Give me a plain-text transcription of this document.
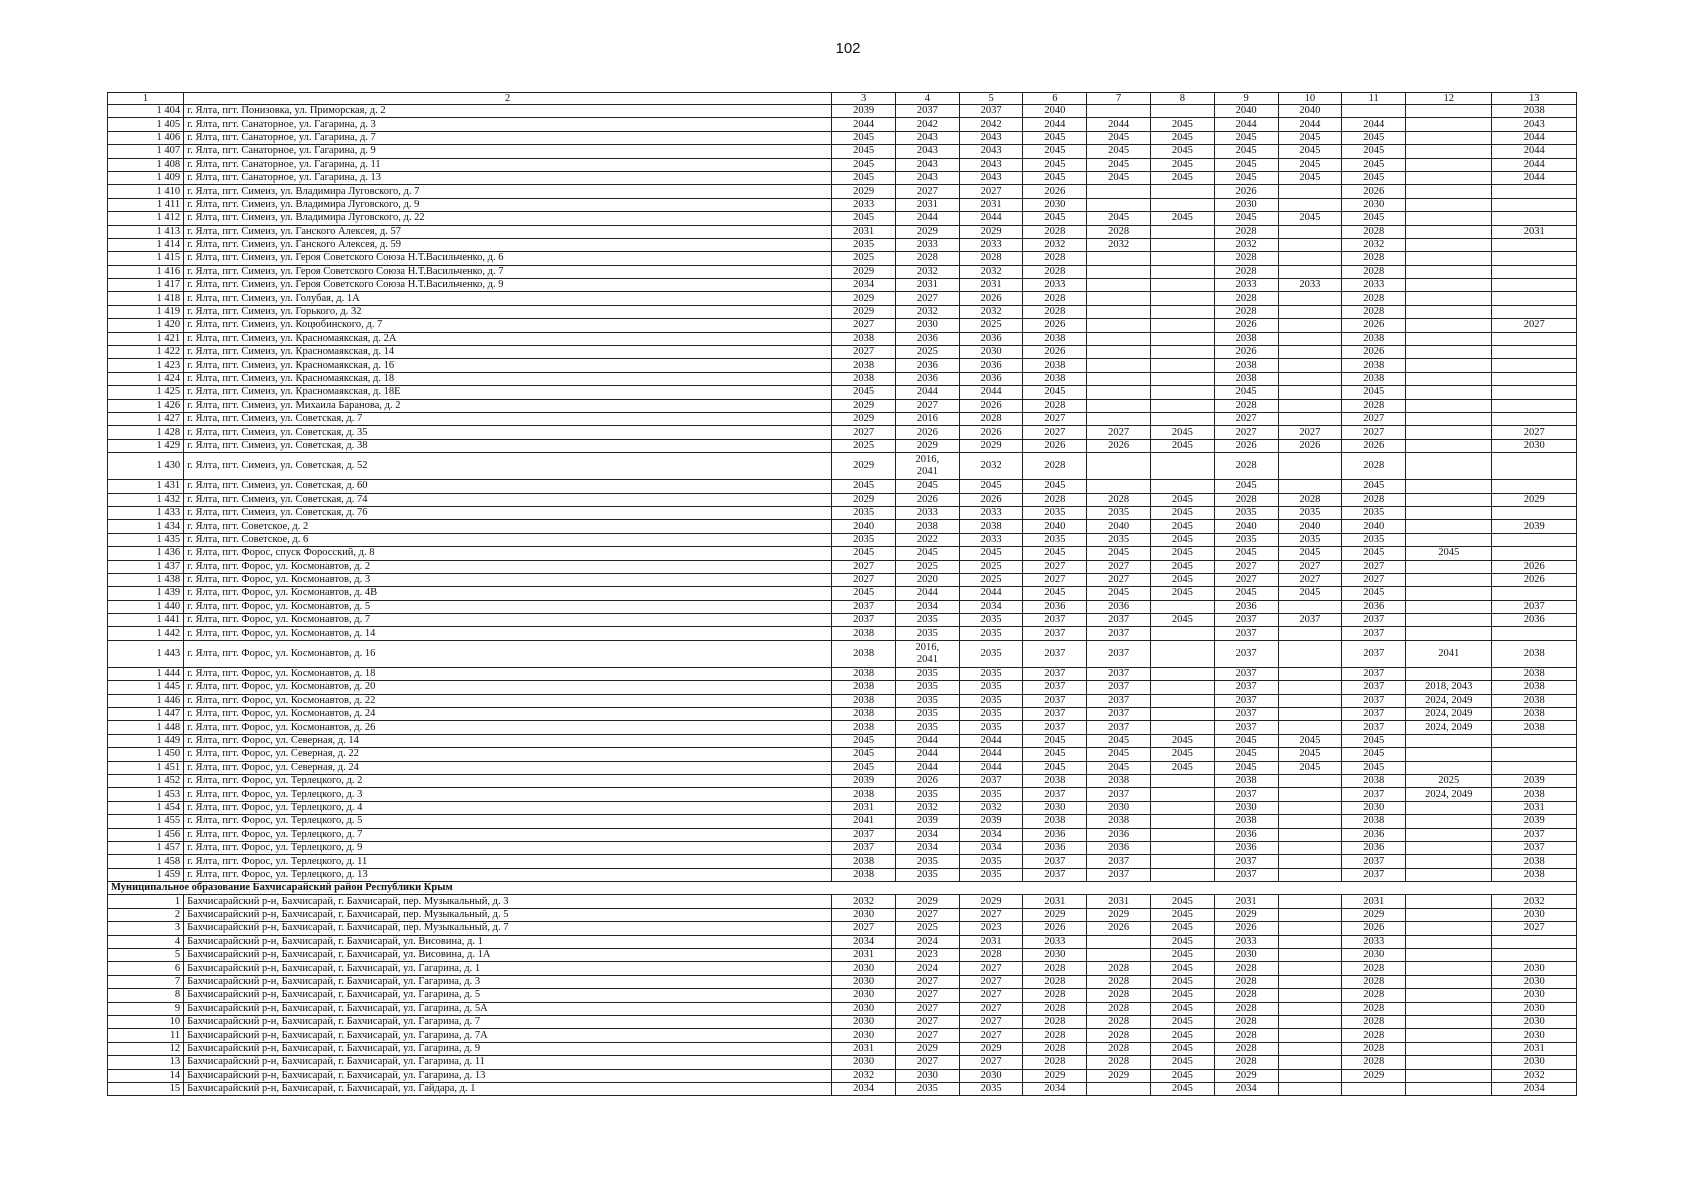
102
1	2	3	4	5	6	7	8	9	10	11	12	13
1 404	г. Ялта, пгт. Понизовка, ул. Приморская, д. 2	2039	2037	2037	2040			2040	2040			2038
1 405	г. Ялта, пгт. Санаторное, ул. Гагарина, д. 3	2044	2042	2042	2044	2044	2045	2044	2044	2044		2043
1 406	г. Ялта, пгт. Санаторное, ул. Гагарина, д. 7	2045	2043	2043	2045	2045	2045	2045	2045	2045		2044
1 407	г. Ялта, пгт. Санаторное, ул. Гагарина, д. 9	2045	2043	2043	2045	2045	2045	2045	2045	2045		2044
1 408	г. Ялта, пгт. Санаторное, ул. Гагарина, д. 11	2045	2043	2043	2045	2045	2045	2045	2045	2045		2044
1 409	г. Ялта, пгт. Санаторное, ул. Гагарина, д. 13	2045	2043	2043	2045	2045	2045	2045	2045	2045		2044
1 410	г. Ялта, пгт. Симеиз, ул. Владимира Луговского, д. 7	2029	2027	2027	2026			2026		2026		
1 411	г. Ялта, пгт. Симеиз, ул. Владимира Луговского, д. 9	2033	2031	2031	2030			2030		2030		
1 412	г. Ялта, пгт. Симеиз, ул. Владимира Луговского, д. 22	2045	2044	2044	2045	2045	2045	2045	2045	2045		
1 413	г. Ялта, пгт. Симеиз, ул. Ганского Алексея, д. 57	2031	2029	2029	2028	2028		2028		2028		2031
1 414	г. Ялта, пгт. Симеиз, ул. Ганского Алексея, д. 59	2035	2033	2033	2032	2032		2032		2032		
1 415	г. Ялта, пгт. Симеиз, ул. Героя Советского Союза Н.Т.Васильченко, д. 6	2025	2028	2028	2028			2028		2028		
1 416	г. Ялта, пгт. Симеиз, ул. Героя Советского Союза Н.Т.Васильченко, д. 7	2029	2032	2032	2028			2028		2028		
1 417	г. Ялта, пгт. Симеиз, ул. Героя Советского Союза Н.Т.Васильченко, д. 9	2034	2031	2031	2033			2033	2033	2033		
1 418	г. Ялта, пгт. Симеиз, ул. Голубая, д. 1А	2029	2027	2026	2028			2028		2028		
1 419	г. Ялта, пгт. Симеиз, ул. Горького, д. 32	2029	2032	2032	2028			2028		2028		
1 420	г. Ялта, пгт. Симеиз, ул. Коцюбинского, д. 7	2027	2030	2025	2026			2026		2026		2027
1 421	г. Ялта, пгт. Симеиз, ул. Красномаякская, д. 2А	2038	2036	2036	2038			2038		2038		
1 422	г. Ялта, пгт. Симеиз, ул. Красномаякская, д. 14	2027	2025	2030	2026			2026		2026		
1 423	г. Ялта, пгт. Симеиз, ул. Красномаякская, д. 16	2038	2036	2036	2038			2038		2038		
1 424	г. Ялта, пгт. Симеиз, ул. Красномаякская, д. 18	2038	2036	2036	2038			2038		2038		
1 425	г. Ялта, пгт. Симеиз, ул. Красномаякская, д. 18Е	2045	2044	2044	2045			2045		2045		
1 426	г. Ялта, пгт. Симеиз, ул. Михаила Баранова, д. 2	2029	2027	2026	2028			2028		2028		
1 427	г. Ялта, пгт. Симеиз, ул. Советская, д. 7	2029	2016	2028	2027			2027		2027		
1 428	г. Ялта, пгт. Симеиз, ул. Советская, д. 35	2027	2026	2026	2027	2027	2045	2027	2027	2027		2027
1 429	г. Ялта, пгт. Симеиз, ул. Советская, д. 38	2025	2029	2029	2026	2026	2045	2026	2026	2026		2030
1 430	г. Ялта, пгт. Симеиз, ул. Советская, д. 52	2029	2016,
2041	2032	2028			2028		2028		
1 431	г. Ялта, пгт. Симеиз, ул. Советская, д. 60	2045	2045	2045	2045			2045		2045		
1 432	г. Ялта, пгт. Симеиз, ул. Советская, д. 74	2029	2026	2026	2028	2028	2045	2028	2028	2028		2029
1 433	г. Ялта, пгт. Симеиз, ул. Советская, д. 76	2035	2033	2033	2035	2035	2045	2035	2035	2035		
1 434	г. Ялта, пгт. Советское, д. 2	2040	2038	2038	2040	2040	2045	2040	2040	2040		2039
1 435	г. Ялта, пгт. Советское, д. 6	2035	2022	2033	2035	2035	2045	2035	2035	2035		
1 436	г. Ялта, пгт. Форос, спуск Форосский, д. 8	2045	2045	2045	2045	2045	2045	2045	2045	2045	2045	
1 437	г. Ялта, пгт. Форос, ул. Космонавтов, д. 2	2027	2025	2025	2027	2027	2045	2027	2027	2027		2026
1 438	г. Ялта, пгт. Форос, ул. Космонавтов, д. 3	2027	2020	2025	2027	2027	2045	2027	2027	2027		2026
1 439	г. Ялта, пгт. Форос, ул. Космонавтов, д. 4В	2045	2044	2044	2045	2045	2045	2045	2045	2045		
1 440	г. Ялта, пгт. Форос, ул. Космонавтов, д. 5	2037	2034	2034	2036	2036		2036		2036		2037
1 441	г. Ялта, пгт. Форос, ул. Космонавтов, д. 7	2037	2035	2035	2037	2037	2045	2037	2037	2037		2036
1 442	г. Ялта, пгт. Форос, ул. Космонавтов, д. 14	2038	2035	2035	2037	2037		2037		2037		
1 443	г. Ялта, пгт. Форос, ул. Космонавтов, д. 16	2038	2016,
2041	2035	2037	2037		2037		2037	2041	2038
1 444	г. Ялта, пгт. Форос, ул. Космонавтов, д. 18	2038	2035	2035	2037	2037		2037		2037		2038
1 445	г. Ялта, пгт. Форос, ул. Космонавтов, д. 20	2038	2035	2035	2037	2037		2037		2037	2018, 2043	2038
1 446	г. Ялта, пгт. Форос, ул. Космонавтов, д. 22	2038	2035	2035	2037	2037		2037		2037	2024, 2049	2038
1 447	г. Ялта, пгт. Форос, ул. Космонавтов, д. 24	2038	2035	2035	2037	2037		2037		2037	2024, 2049	2038
1 448	г. Ялта, пгт. Форос, ул. Космонавтов, д. 26	2038	2035	2035	2037	2037		2037		2037	2024, 2049	2038
1 449	г. Ялта, пгт. Форос, ул. Северная, д. 14	2045	2044	2044	2045	2045	2045	2045	2045	2045		
1 450	г. Ялта, пгт. Форос, ул. Северная, д. 22	2045	2044	2044	2045	2045	2045	2045	2045	2045		
1 451	г. Ялта, пгт. Форос, ул. Северная, д. 24	2045	2044	2044	2045	2045	2045	2045	2045	2045		
1 452	г. Ялта, пгт. Форос, ул. Терлецкого, д. 2	2039	2026	2037	2038	2038		2038		2038	2025	2039
1 453	г. Ялта, пгт. Форос, ул. Терлецкого, д. 3	2038	2035	2035	2037	2037		2037		2037	2024, 2049	2038
1 454	г. Ялта, пгт. Форос, ул. Терлецкого, д. 4	2031	2032	2032	2030	2030		2030		2030		2031
1 455	г. Ялта, пгт. Форос, ул. Терлецкого, д. 5	2041	2039	2039	2038	2038		2038		2038		2039
1 456	г. Ялта, пгт. Форос, ул. Терлецкого, д. 7	2037	2034	2034	2036	2036		2036		2036		2037
1 457	г. Ялта, пгт. Форос, ул. Терлецкого, д. 9	2037	2034	2034	2036	2036		2036		2036		2037
1 458	г. Ялта, пгт. Форос, ул. Терлецкого, д. 11	2038	2035	2035	2037	2037		2037		2037		2038
1 459	г. Ялта, пгт. Форос, ул. Терлецкого, д. 13	2038	2035	2035	2037	2037		2037		2037		2038
Муниципальное образование Бахчисарайский район Республики Крым												
1	Бахчисарайский р-н, Бахчисарай, г. Бахчисарай, пер. Музыкальный, д. 3	2032	2029	2029	2031	2031	2045	2031		2031		2032
2	Бахчисарайский р-н, Бахчисарай, г. Бахчисарай, пер. Музыкальный, д. 5	2030	2027	2027	2029	2029	2045	2029		2029		2030
3	Бахчисарайский р-н, Бахчисарай, г. Бахчисарай, пер. Музыкальный, д. 7	2027	2025	2023	2026	2026	2045	2026		2026		2027
4	Бахчисарайский р-н, Бахчисарай, г. Бахчисарай, ул. Висовина, д. 1	2034	2024	2031	2033		2045	2033		2033		
5	Бахчисарайский р-н, Бахчисарай, г. Бахчисарай, ул. Висовина, д. 1А	2031	2023	2028	2030		2045	2030		2030		
6	Бахчисарайский р-н, Бахчисарай, г. Бахчисарай, ул. Гагарина, д. 1	2030	2024	2027	2028	2028	2045	2028		2028		2030
7	Бахчисарайский р-н, Бахчисарай, г. Бахчисарай, ул. Гагарина, д. 3	2030	2027	2027	2028	2028	2045	2028		2028		2030
8	Бахчисарайский р-н, Бахчисарай, г. Бахчисарай, ул. Гагарина, д. 5	2030	2027	2027	2028	2028	2045	2028		2028		2030
9	Бахчисарайский р-н, Бахчисарай, г. Бахчисарай, ул. Гагарина, д. 5А	2030	2027	2027	2028	2028	2045	2028		2028		2030
10	Бахчисарайский р-н, Бахчисарай, г. Бахчисарай, ул. Гагарина, д. 7	2030	2027	2027	2028	2028	2045	2028		2028		2030
11	Бахчисарайский р-н, Бахчисарай, г. Бахчисарай, ул. Гагарина, д. 7А	2030	2027	2027	2028	2028	2045	2028		2028		2030
12	Бахчисарайский р-н, Бахчисарай, г. Бахчисарай, ул. Гагарина, д. 9	2031	2029	2029	2028	2028	2045	2028		2028		2031
13	Бахчисарайский р-н, Бахчисарай, г. Бахчисарай, ул. Гагарина, д. 11	2030	2027	2027	2028	2028	2045	2028		2028		2030
14	Бахчисарайский р-н, Бахчисарай, г. Бахчисарай, ул. Гагарина, д. 13	2032	2030	2030	2029	2029	2045	2029		2029		2032
15	Бахчисарайский р-н, Бахчисарай, г. Бахчисарай, ул. Гайдара, д. 1	2034	2035	2035	2034		2045	2034				2034
